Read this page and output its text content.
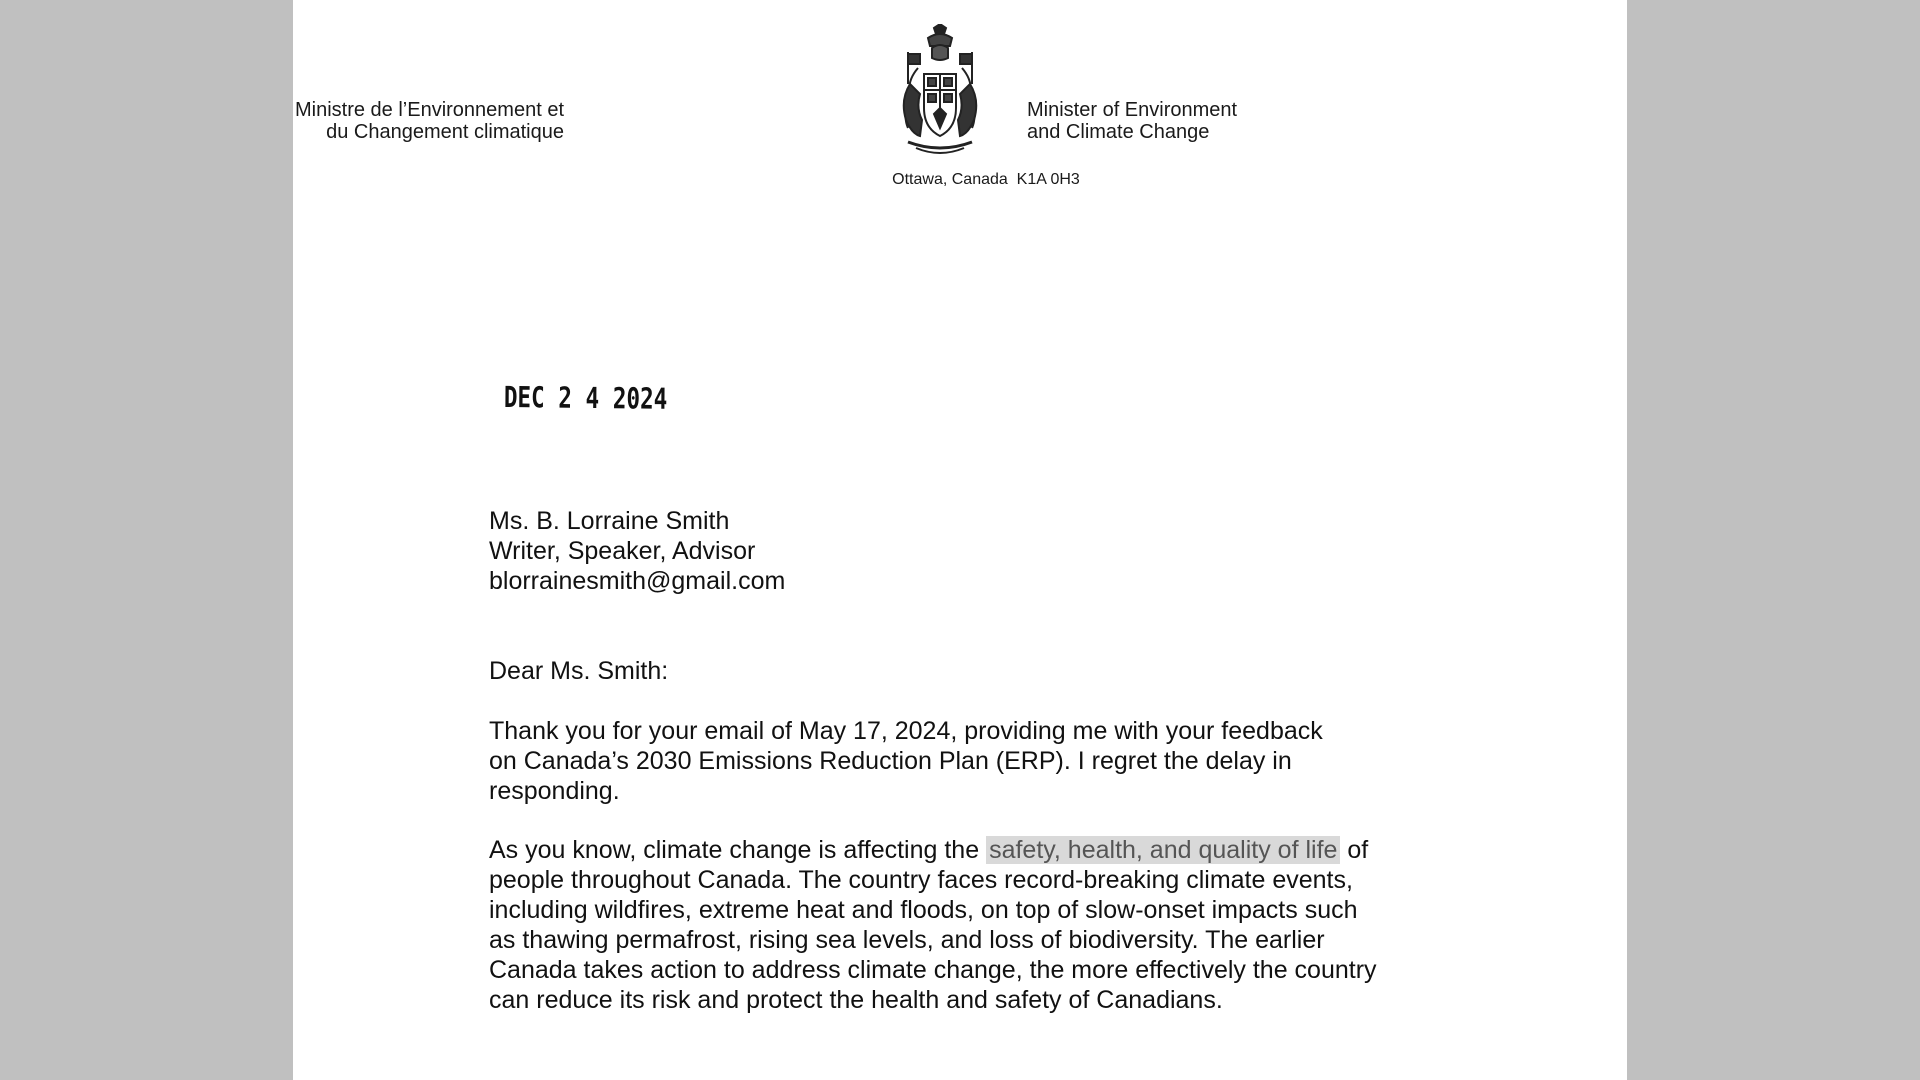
Ministre de l’Environnement et
du Changement climatique
Minister of Environment
and Climate Change
Ottawa, Canada  K1A 0H3
DEC 2 4 2024
Ms. B. Lorraine Smith
Writer, Speaker, Advisor
blorrainesmith@gmail.com
Dear Ms. Smith:
Thank you for your email of May 17, 2024, providing me with your feedback
on Canada’s 2030 Emissions Reduction Plan (ERP). I regret the delay in
responding.
As you know, climate change is affecting the safety, health, and quality of life of
people throughout Canada. The country faces record-breaking climate events,
including wildfires, extreme heat and floods, on top of slow-onset impacts such
as thawing permafrost, rising sea levels, and loss of biodiversity. The earlier
Canada takes action to address climate change, the more effectively the country
can reduce its risk and protect the health and safety of Canadians.
